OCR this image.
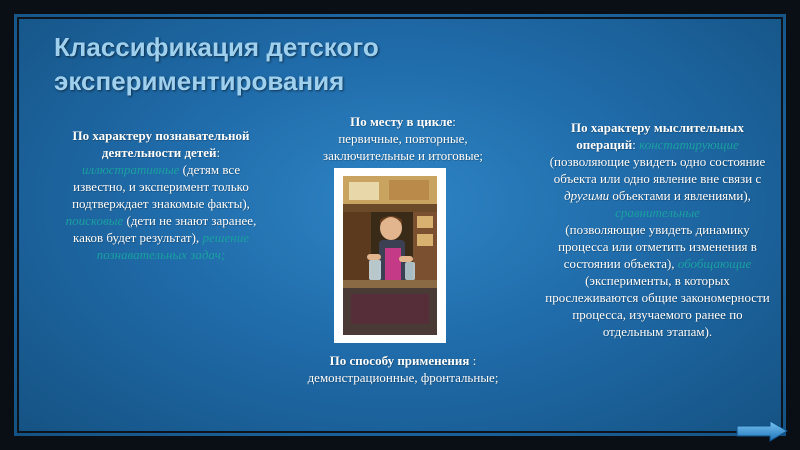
Классификация детского экспериментирования
По характеру познавательной деятельности детей: иллюстративные (детям все известно, и эксперимент только подтверждает знакомые факты), поисковые (дети не знают заранее, каков будет результат), решение познавательных задач;
По месту в цикле:
первичные, повторные, заключительные и итоговые;
По способу применения :
демонстрационные, фронтальные;
По характеру мыслительных операций: констатирующие
(позволяющие увидеть одно состояние объекта или одно явление вне связи с другими объектами и явлениями), сравнительные
(позволяющие увидеть динамику процесса или отметить изменения в состоянии объекта), обобщающие
(эксперименты, в которых прослеживаются общие закономерности процесса, изучаемого ранее по отдельным этапам).
